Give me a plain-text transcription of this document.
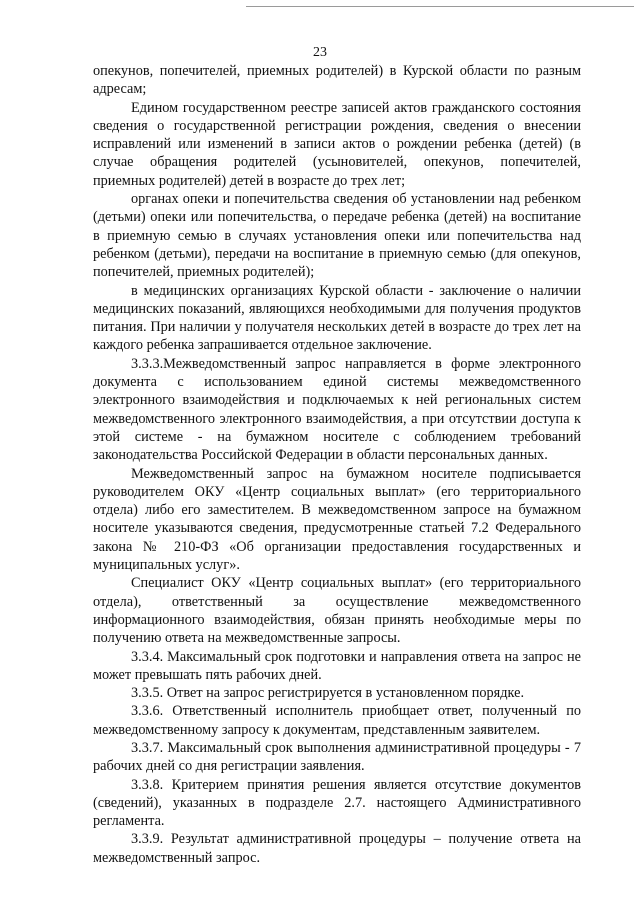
23

опекунов, попечителей, приемных родителей) в Курской области по разным адресам;

Едином государственном реестре записей актов гражданского состояния сведения о государственной регистрации рождения, сведения о внесении исправлений или изменений в записи актов о рождении ребенка (детей) (в случае обращения родителей (усыновителей, опекунов, попечителей, приемных родителей) детей в возрасте до трех лет;

органах опеки и попечительства сведения об установлении над ребенком (детьми) опеки или попечительства, о передаче ребенка (детей) на воспитание в приемную семью в случаях установления опеки или попечительства над ребенком (детьми), передачи на воспитание в приемную семью (для опекунов, попечителей, приемных родителей);

в медицинских организациях Курской области - заключение о наличии медицинских показаний, являющихся необходимыми для получения продуктов питания. При наличии у получателя нескольких детей в возрасте до трех лет на каждого ребенка запрашивается отдельное заключение.

3.3.3.Межведомственный запрос направляется в форме электронного документа с использованием единой системы межведомственного электронного взаимодействия и подключаемых к ней региональных систем межведомственного электронного взаимодействия, а при отсутствии доступа к этой системе - на бумажном носителе с соблюдением требований законодательства Российской Федерации в области персональных данных.

Межведомственный запрос на бумажном носителе подписывается руководителем ОКУ «Центр социальных выплат» (его территориального отдела) либо его заместителем. В межведомственном запросе на бумажном носителе указываются сведения, предусмотренные статьей 7.2 Федерального закона № 210-ФЗ «Об организации предоставления государственных и муниципальных услуг».

Специалист ОКУ «Центр социальных выплат» (его территориального отдела), ответственный за осуществление межведомственного информационного взаимодействия, обязан принять необходимые меры по получению ответа на межведомственные запросы.

3.3.4. Максимальный срок подготовки и направления ответа на запрос не может превышать пять рабочих дней.

3.3.5. Ответ на запрос регистрируется в установленном порядке.

3.3.6. Ответственный исполнитель приобщает ответ, полученный по межведомственному запросу к документам, представленным заявителем.

3.3.7. Максимальный срок выполнения административной процедуры - 7 рабочих дней со дня регистрации заявления.

3.3.8. Критерием принятия решения является отсутствие документов (сведений), указанных в подразделе 2.7. настоящего Административного регламента.

3.3.9. Результат административной процедуры – получение ответа на межведомственный запрос.
